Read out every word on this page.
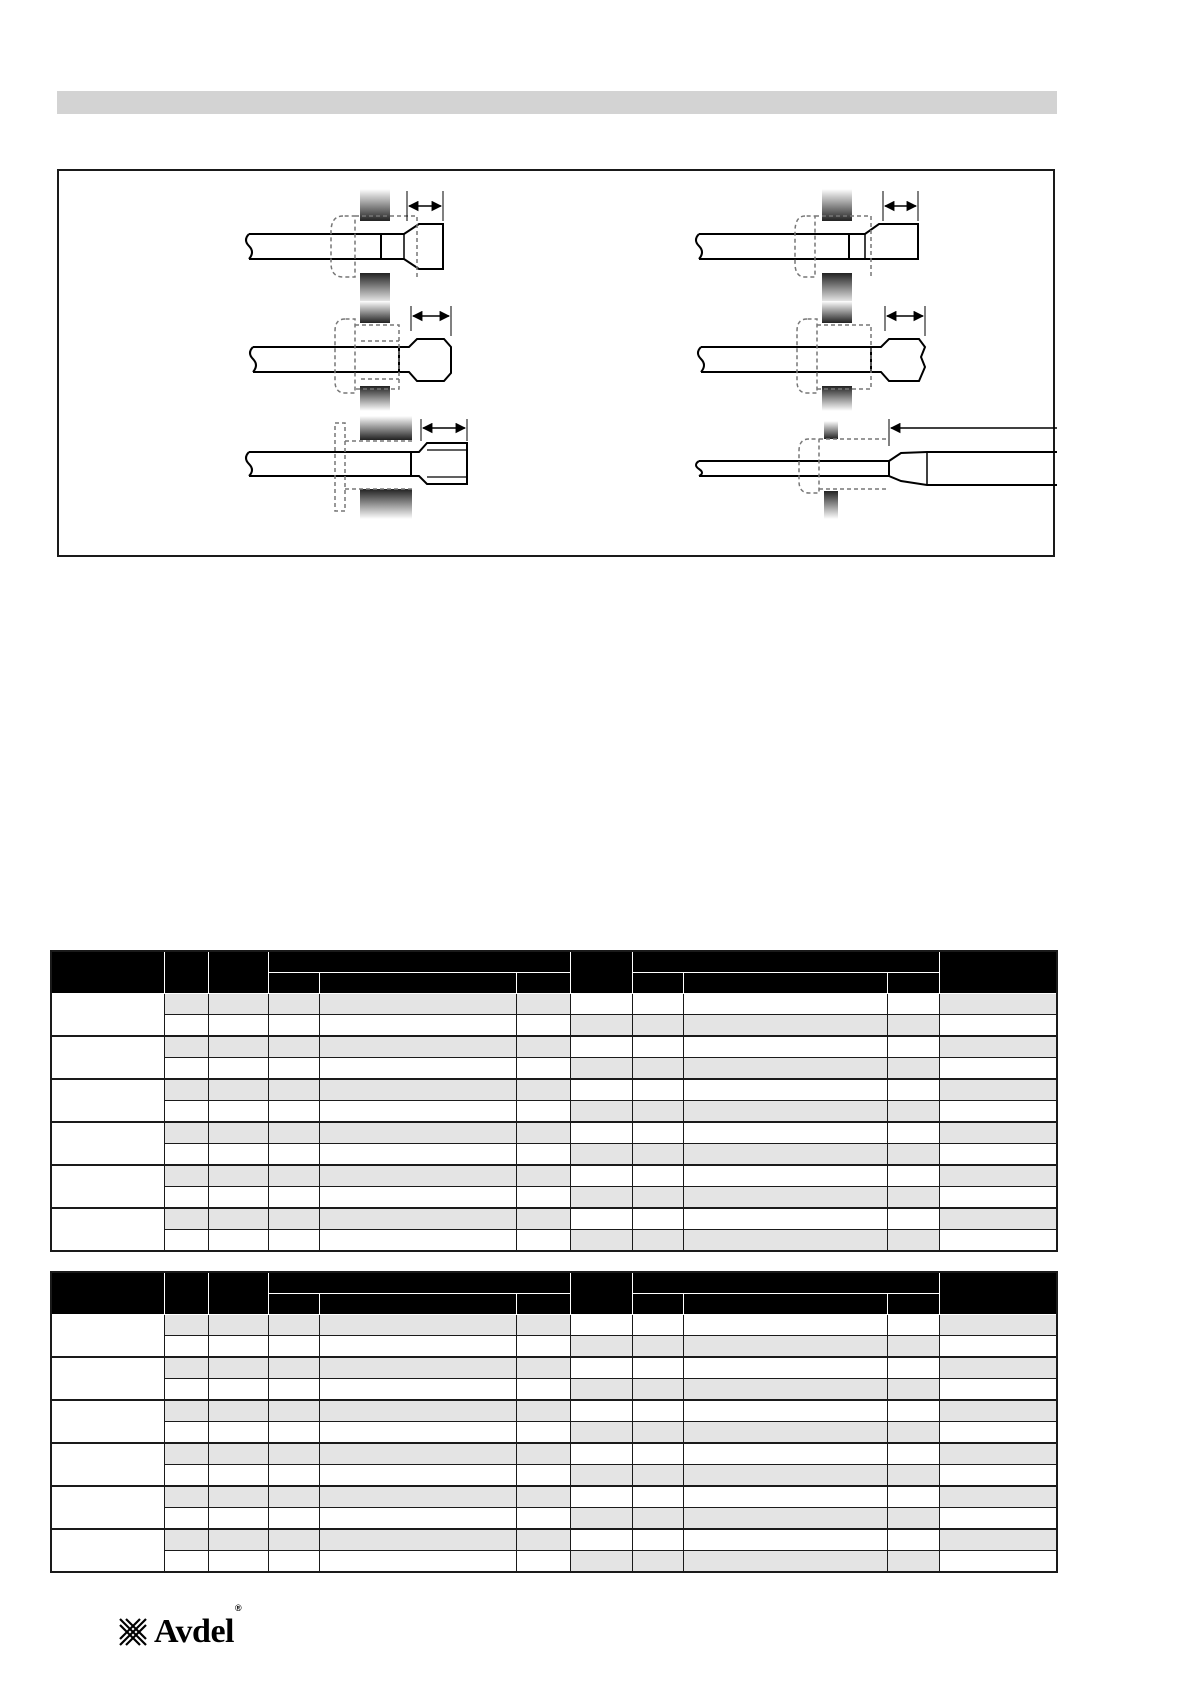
Avdel®
